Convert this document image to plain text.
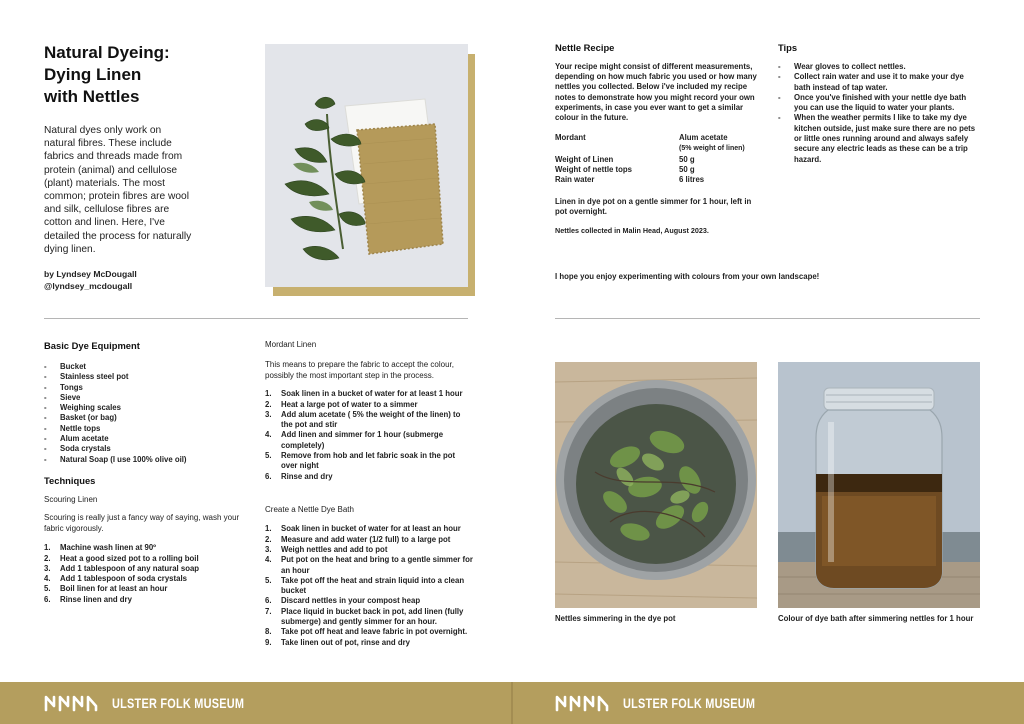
Natural Dyeing:
Dying Linen
with Nettles
Natural dyes only work on natural fibres. These include fabrics and threads made from protein (animal) and cellulose (plant) materials. The most common; protein fibres are wool and silk, cellulose fibres are cotton and linen. Here, I've detailed the process for naturally dying linen.
by Lyndsey McDougall
@lyndsey_mcdougall
Basic Dye Equipment
- Bucket
- Stainless steel pot
- Tongs
- Sieve
- Weighing scales
- Basket (or bag)
- Nettle tops
- Alum acetate
- Soda crystals
- Natural Soap (I use 100% olive oil)
Techniques
Scouring Linen
Scouring is really just a fancy way of saying, wash your fabric vigorously.
1. Machine wash linen at 90º
2. Heat a good sized pot to a rolling boil
3. Add 1 tablespoon of any natural soap
4. Add 1 tablespoon of soda crystals
5. Boil linen for at least an hour
6. Rinse linen and dry
Mordant Linen
This means to prepare the fabric to accept the colour, possibly the most important step in the process.
1. Soak linen in a bucket of water for at least 1 hour
2. Heat a large pot of water to a simmer
3. Add alum acetate ( 5% the weight of the linen) to the pot and stir
4. Add linen and simmer for 1 hour (submerge completely)
5. Remove from hob and let fabric soak in the pot over night
6. Rinse and dry
Create a Nettle Dye Bath
1. Soak linen in bucket of water for at least an hour
2. Measure and add water (1/2 full) to a large pot
3. Weigh nettles and add to pot
4. Put pot on the heat and bring to a gentle simmer for an hour
5. Take pot off the heat and strain liquid into a clean bucket
6. Discard nettles in your compost heap
7. Place liquid in bucket back in pot, add linen (fully submerge) and gently simmer for an hour.
8. Take pot off heat and leave fabric in pot overnight.
9. Take linen out of pot, rinse and dry
Nettle Recipe
Your recipe might consist of different measurements, depending on how much fabric you used or how many nettles you collected. Below i've included my recipe notes to demonstrate how you might record your own experiments, in case you ever want to get a similar colour in the future.
Mordant	Alum acetate
(5% weight of linen)
Weight of Linen	50 g
Weight of nettle tops	50 g
Rain water	6 litres
Linen in dye pot on a gentle simmer for 1 hour, left in pot overnight.
Nettles collected in Malin Head, August 2023.
Tips
- Wear gloves to collect nettles.
- Collect rain water and use it to make your dye bath instead of tap water.
- Once you've finished with your nettle dye bath you can use the liquid to water your plants.
- When the weather permits I like to take my dye kitchen outside, just make sure there are no pets or little ones running around and always safely secure any electric leads as these can be a trip hazard.
I hope you enjoy experimenting with colours from your own landscape!
Nettles simmering in the dye pot	Colour of dye bath after simmering nettles for 1 hour
ULSTER FOLK MUSEUM	ULSTER FOLK MUSEUM
